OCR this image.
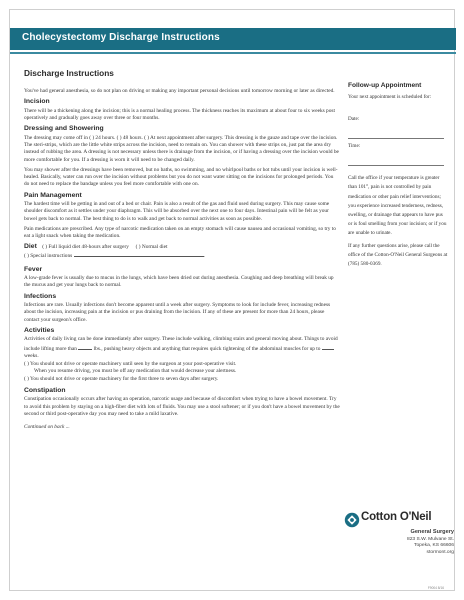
Cholecystectomy Discharge Instructions
Discharge Instructions

You've had general anesthesia, so do not plan on driving or making any important personal decisions until tomorrow morning or later as directed.

Incision

There will be a thickening along the incision; this is a normal healing process. The thickness reaches its maximum at about four to six weeks post operatively and gradually goes away over three or four months.

Dressing and Showering

The dressing may come off in ( ) 24 hours. ( ) 48 hours. ( ) At next appointment after surgery. This dressing is the gauze and tape over the incision. The steri-strips, which are the little white strips across the incision, need to remain on. You can shower with these strips on, just pat the area dry instead of rubbing the area. A dressing is not necessary unless there is drainage from the incision, or if having a dressing over the incision would be more comfortable for you. If a dressing is worn it will need to be changed daily.

You may shower after the dressings have been removed, but no baths, no swimming, and no whirlpool baths or hot tubs until your incision is well-healed. Basically, water can run over the incision without problems but you do not want water sitting on the incisions for prolonged periods. You do not need to replace the bandage unless you feel more comfortable with one on.

Pain Management

The hardest time will be getting in and out of a bed or chair. Pain is also a result of the gas and fluid used during surgery. This may cause some shoulder discomfort as it settles under your diaphragm. This will be absorbed over the next one to four days. Intestinal pain will be felt as your bowel gets back to normal. The best thing to do is to walk and get back to normal activities as soon as possible.

Pain medications are prescribed. Any type of narcotic medication taken on an empty stomach will cause nausea and occasional vomiting, so try to eat a light snack when taking the medication.

Diet ( ) Full liquid diet 48-hours after surgery ( ) Normal diet
( ) Special instructions	.
Fever

A low-grade fever is usually due to mucus in the lungs, which have been dried out during anesthesia. Coughing and deep breathing will break up the mucus and get your lungs back to normal.

Infections

Infections are rare. Usually infections don't become apparent until a week after surgery. Symptoms to look for include fever, increasing redness about the incision, increasing pain at the incision or pus draining from the incision. If any of these are present for more than 24 hours, please contact your surgeon's office.

Activities

Activities of daily living can be done immediately after surgery. These include walking, climbing stairs and general moving about. Things to avoid include lifting more than	lbs., pushing heavy objects and anything that requires quick tightening of the abdominal muscles for up to  weeks.

( ) You should not drive or operate machinery until seen by the surgeon at your post-operative visit.
When you resume driving, you must be off any medication that would decrease your alertness.
( ) You should not drive or operate machinery for the first three to seven days after surgery.
Constipation

Constipation occasionally occurs after having an operation, narcotic usage and because of discomfort when trying to have a bowel movement. Try to avoid this problem by staying on a high-fiber diet with lots of fluids. You may use a stool softener; or if you don't have a bowel movement by the second or third post-operative day you may need to take a mild laxative.

Continued on back ...
Follow-up Appointment
Your next appointment is scheduled for:
Date:
Time:
Call the office if your temperature is greater than 101°, pain is not controlled by pain medication or other pain relief interventions; you experience increased tenderness, redness, swelling, or drainage that appears to have pus or is foul smelling from your incision; or if you are unable to urinate.
If any further questions arise, please call the office of the Cotton-O'Neil General Surgeons at (785) 580-0369.
Cotton O'Neil
General Surgery
823 S.W. Mulvane St.
Topeka, KS 66606
stormont.org
F9004 8/16
